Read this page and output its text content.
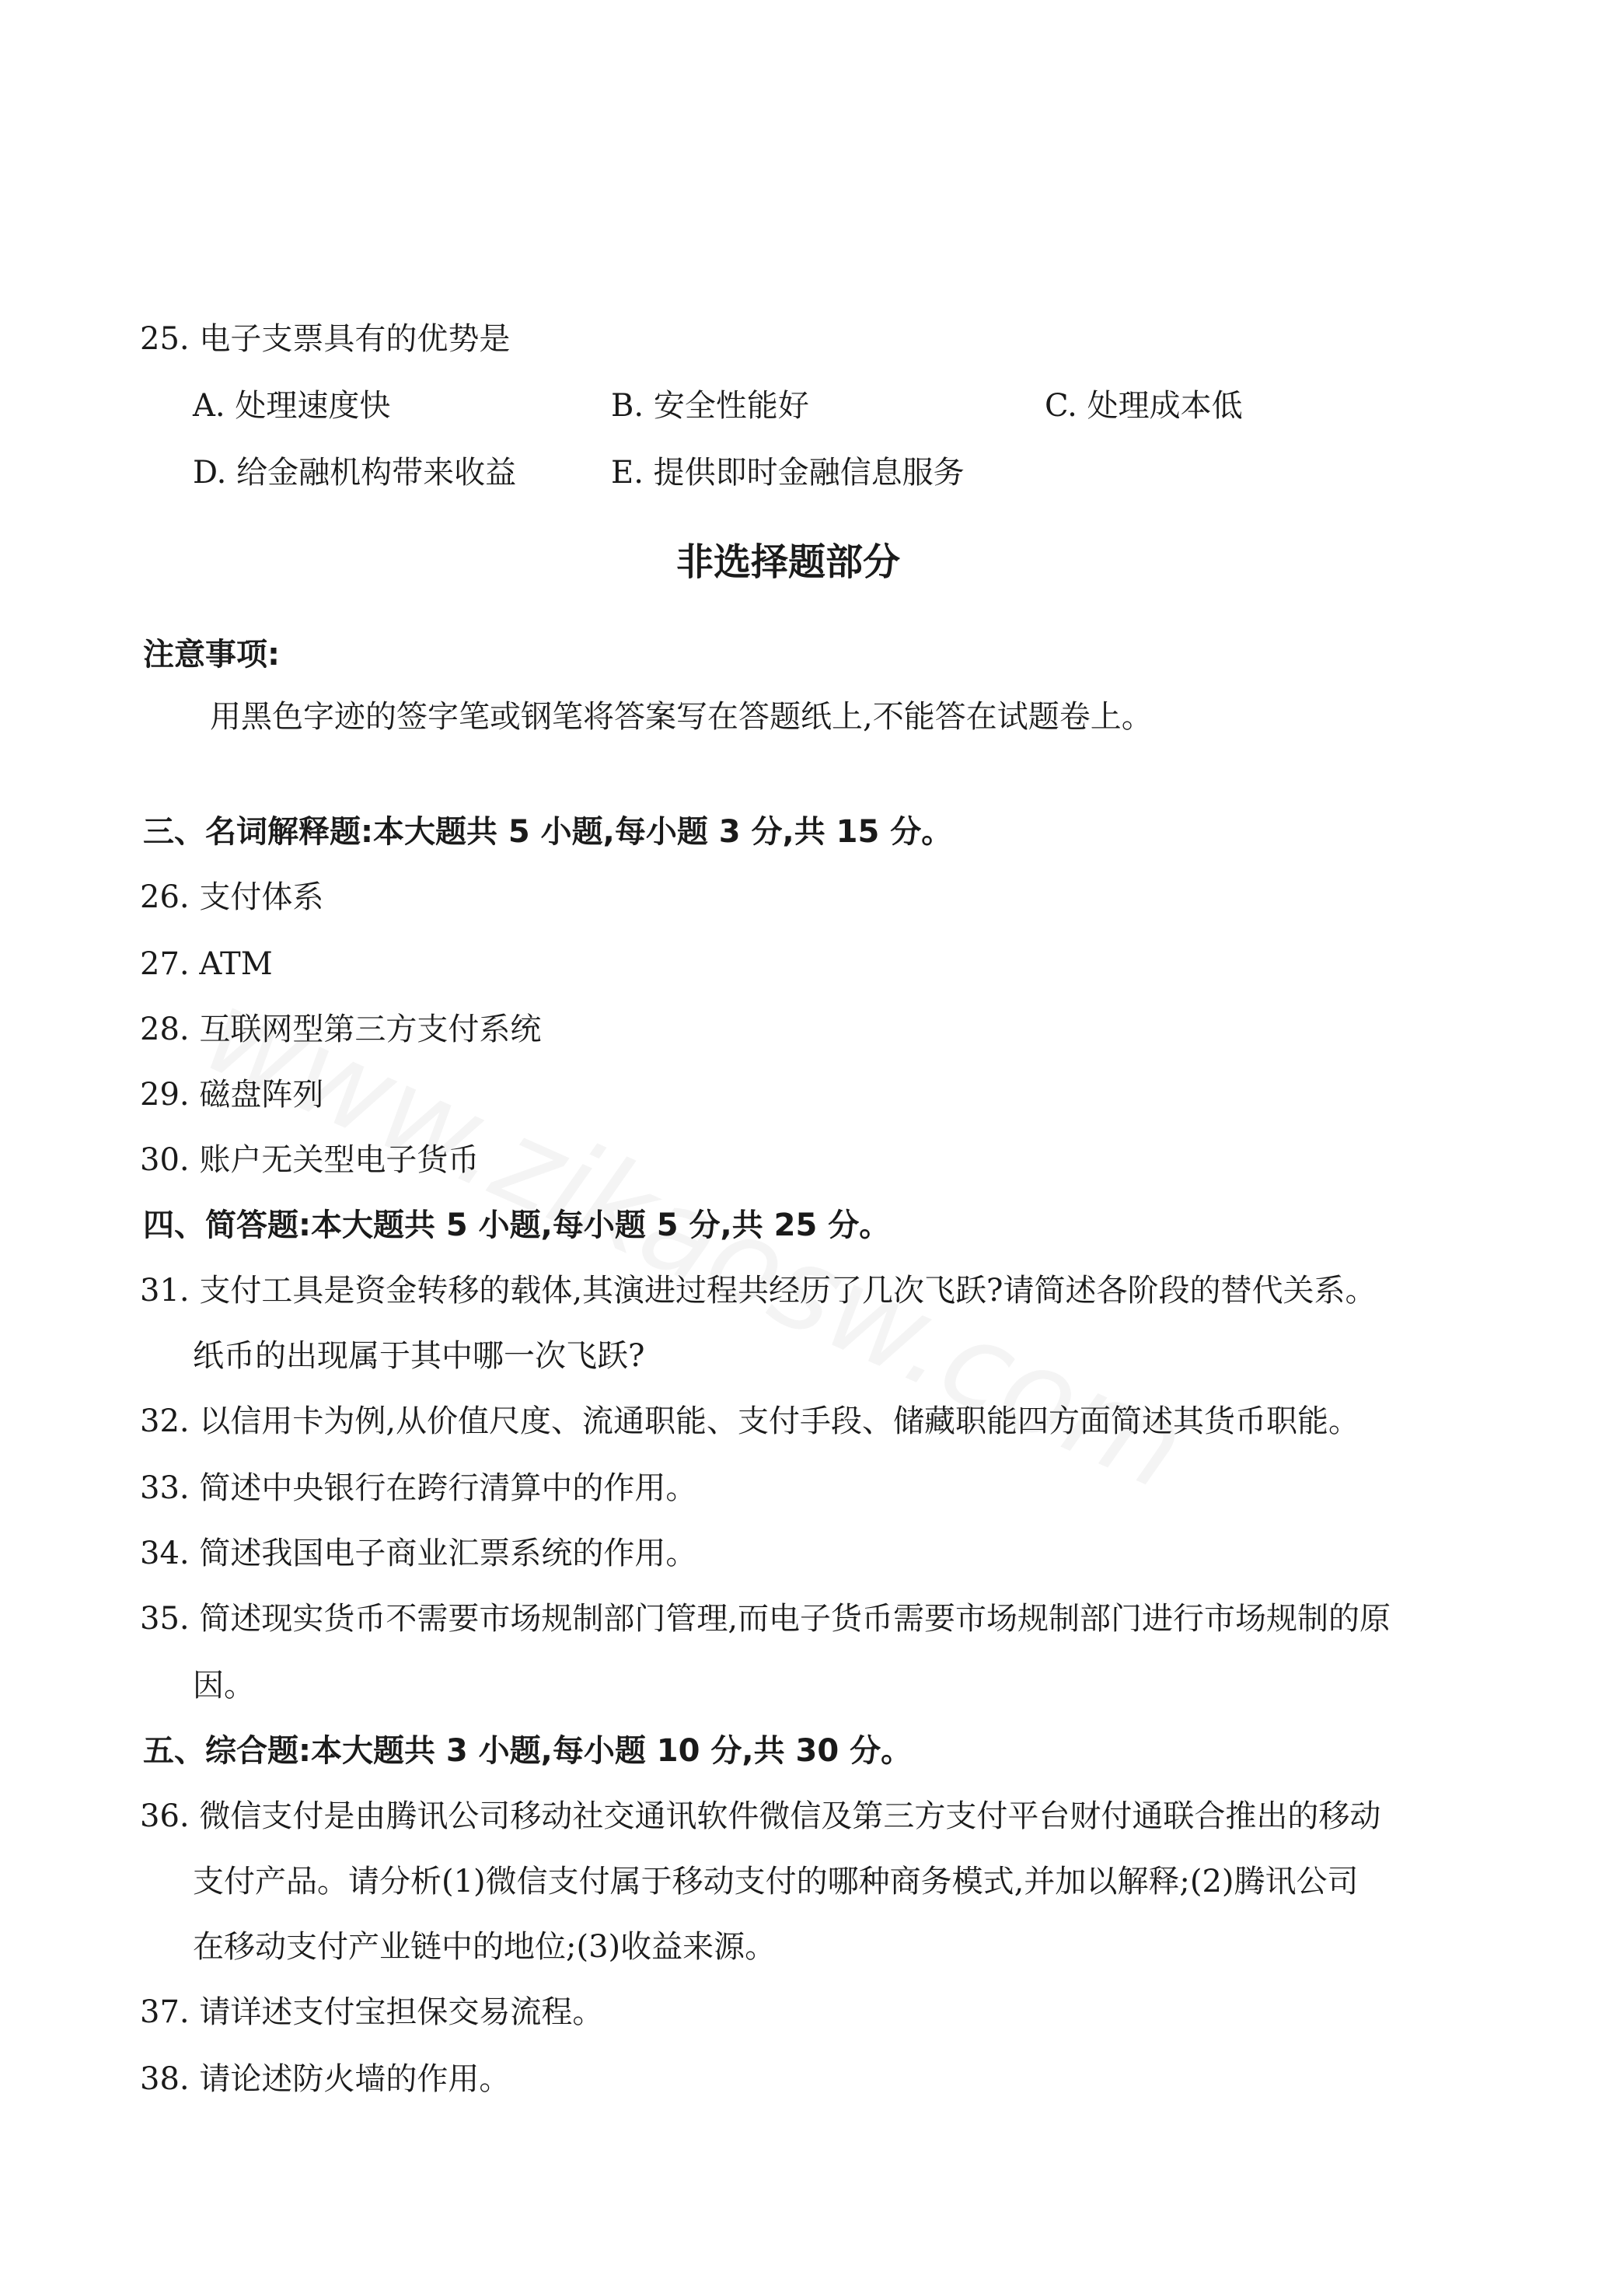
25. 电子支票具有的优势是
A. 处理速度快	B. 安全性能好	C. 处理成本低
D. 给金融机构带来收益	E. 提供即时金融信息服务
非选择题部分
注意事项:
用黑色字迹的签字笔或钢笔将答案写在答题纸上,不能答在试题卷上。
三、名词解释题:本大题共 5 小题,每小题 3 分,共 15 分。
26. 支付体系
27. ATM
28. 互联网型第三方支付系统
29. 磁盘阵列
30. 账户无关型电子货币
四、简答题:本大题共 5 小题,每小题 5 分,共 25 分。
31. 支付工具是资金转移的载体,其演进过程共经历了几次飞跃?请简述各阶段的替代关系。
纸币的出现属于其中哪一次飞跃?
32. 以信用卡为例,从价值尺度、流通职能、支付手段、储藏职能四方面简述其货币职能。
33. 简述中央银行在跨行清算中的作用。
34. 简述我国电子商业汇票系统的作用。
35. 简述现实货币不需要市场规制部门管理,而电子货币需要市场规制部门进行市场规制的原
因。
五、综合题:本大题共 3 小题,每小题 10 分,共 30 分。
36. 微信支付是由腾讯公司移动社交通讯软件微信及第三方支付平台财付通联合推出的移动
支付产品。请分析(1)微信支付属于移动支付的哪种商务模式,并加以解释;(2)腾讯公司
在移动支付产业链中的地位;(3)收益来源。
37. 请详述支付宝担保交易流程。
38. 请论述防火墙的作用。
